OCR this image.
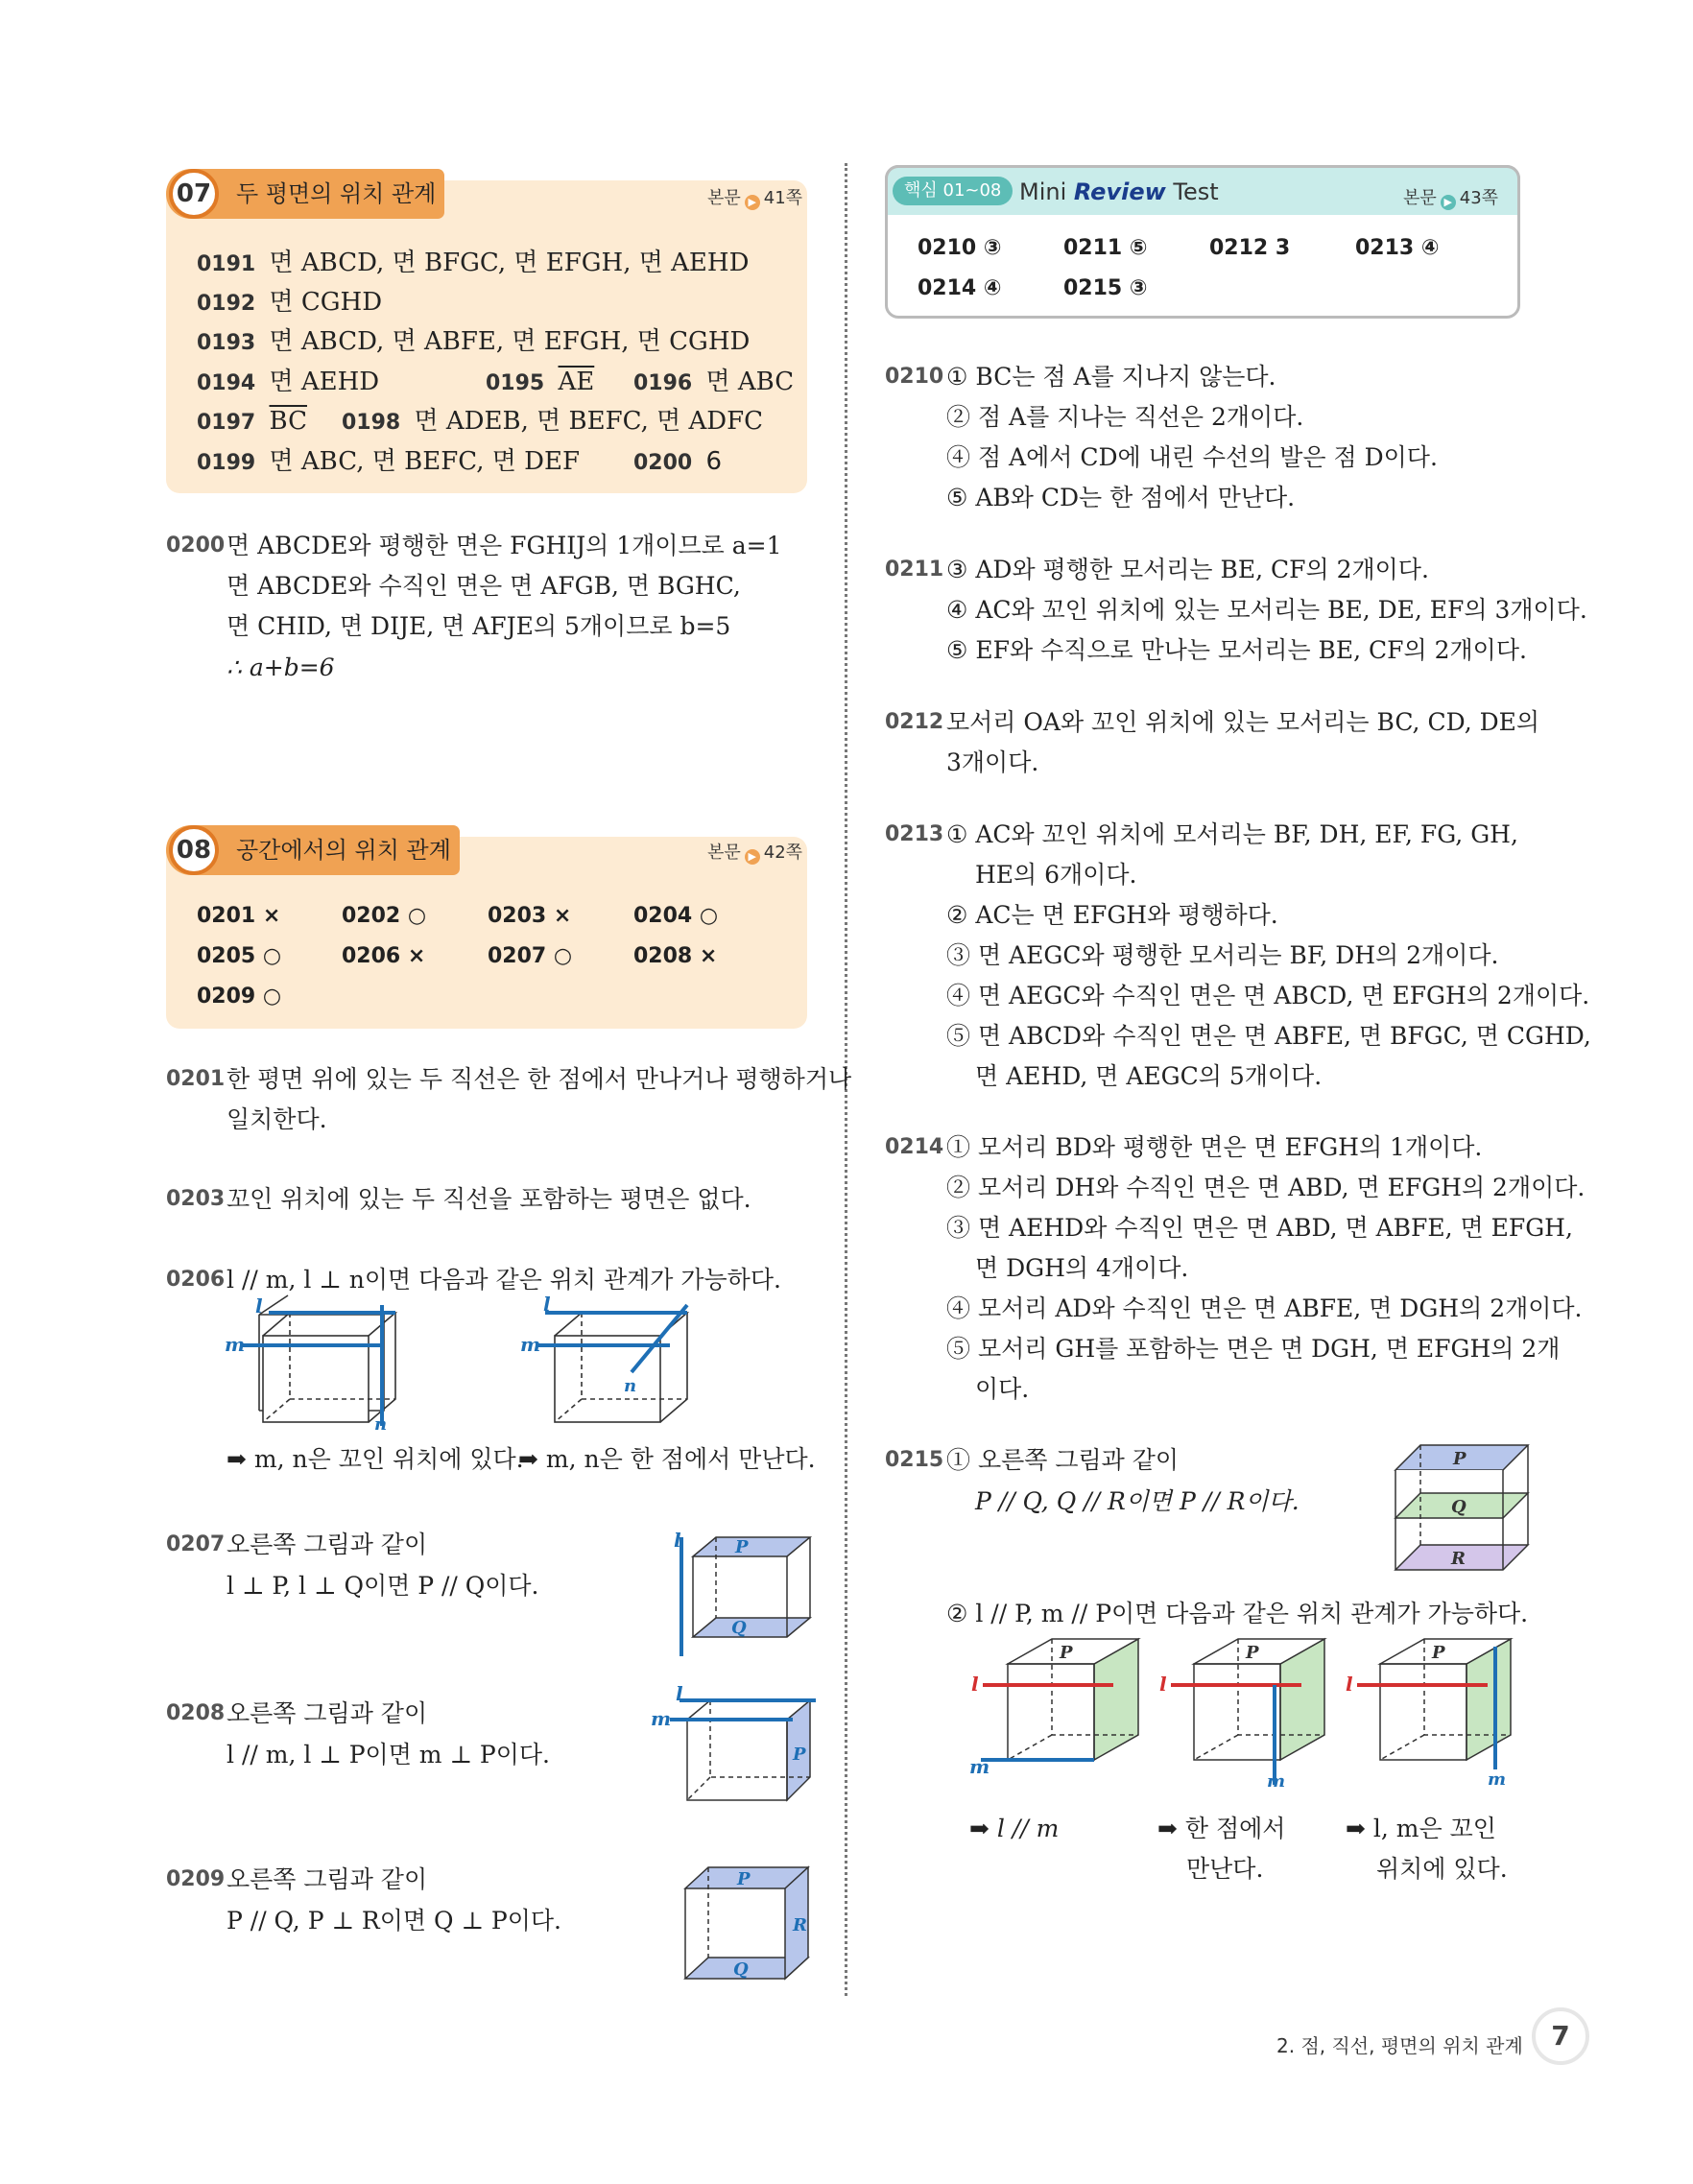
07	두 평면의 위치 관계	본문 ▶ 41쪽
0191 면 ABCD, 면 BFGC, 면 EFGH, 면 AEHD
0192 면 CGHD
0193 면 ABCD, 면 ABFE, 면 EFGH, 면 CGHD
0194 면 AEHD	0195 $\overline{AE}$ 0196 면 ABC
0197 $\overline{BC}$ 0198 면 ADEB, 면 BEFC, 면 ADFC
0199 면 ABC, 면 BEFC, 면 DEF	0200 6
0200 면 ABCDE와 평행한 면은 FGHIJ의 1개이므로 a=1
면 ABCDE와 수직인 면은 면 AFGB, 면 BGHC,
면 CHID, 면 DIJE, 면 AFJE의 5개이므로 b=5
∴ a+b=6
08	공간에서의 위치 관계	본문 ▶ 42쪽
0201 ×	0202 ○	0203 ×	0204 ○
0205 ○	0206 ×	0207 ○	0208 ×
0209 ○
0201 한 평면 위에 있는 두 직선은 한 점에서 만나거나 평행하거나
일치한다.
0203 꼬인 위치에 있는 두 직선을 포함하는 평면은 없다.
0206 l // m, l ⊥ n이면 다음과 같은 위치 관계가 가능하다.
l
m
n
l
m
n
➡ m, n은 꼬인 위치에 있다.
➡ m, n은 한 점에서 만난다.
0207 오른쪽 그림과 같이
l ⊥ P, l ⊥ Q이면 P // Q이다.
l	P
Q
0208 오른쪽 그림과 같이
l // m, l ⊥ P이면 m ⊥ P이다.
l
m
P
0209 오른쪽 그림과 같이
P // Q, P ⊥ R이면 Q ⊥ P이다.
P
Q
R
핵심 01~08 Mini Review Test	본문 ▶ 43쪽
0210 ③	0211 ⑤	0212 3	0213 ④
0214 ④	0215 ③
0210 ① BC는 점 A를 지나지 않는다.
② 점 A를 지나는 직선은 2개이다.
④ 점 A에서 CD에 내린 수선의 발은 점 D이다.
⑤ AB와 CD는 한 점에서 만난다.
0211 ③ AD와 평행한 모서리는 BE, CF의 2개이다.
④ AC와 꼬인 위치에 있는 모서리는 BE, DE, EF의 3개이다.
⑤ EF와 수직으로 만나는 모서리는 BE, CF의 2개이다.
0212 모서리 OA와 꼬인 위치에 있는 모서리는 BC, CD, DE의
3개이다.
0213 ① AC와 꼬인 위치에 모서리는 BF, DH, EF, FG, GH,
HE의 6개이다.
② AC는 면 EFGH와 평행하다.
③ 면 AEGC와 평행한 모서리는 BF, DH의 2개이다.
④ 면 AEGC와 수직인 면은 면 ABCD, 면 EFGH의 2개이다.
⑤ 면 ABCD와 수직인 면은 면 ABFE, 면 BFGC, 면 CGHD,
면 AEHD, 면 AEGC의 5개이다.
0214 ① 모서리 BD와 평행한 면은 면 EFGH의 1개이다.
② 모서리 DH와 수직인 면은 면 ABD, 면 EFGH의 2개이다.
③ 면 AEHD와 수직인 면은 면 ABD, 면 ABFE, 면 EFGH,
면 DGH의 4개이다.
④ 모서리 AD와 수직인 면은 면 ABFE, 면 DGH의 2개이다.
⑤ 모서리 GH를 포함하는 면은 면 DGH, 면 EFGH의 2개
이다.
0215 ① 오른쪽 그림과 같이
P // Q, Q // R이면 P // R이다.
P
Q
R
② l // P, m // P이면 다음과 같은 위치 관계가 가능하다.
l
m
P
l
m
P
l
m
P
➡ l // m	➡ 한 점에서
만난다.
➡ l, m은 꼬인
위치에 있다.
2. 점, 직선, 평면의 위치 관계	7
